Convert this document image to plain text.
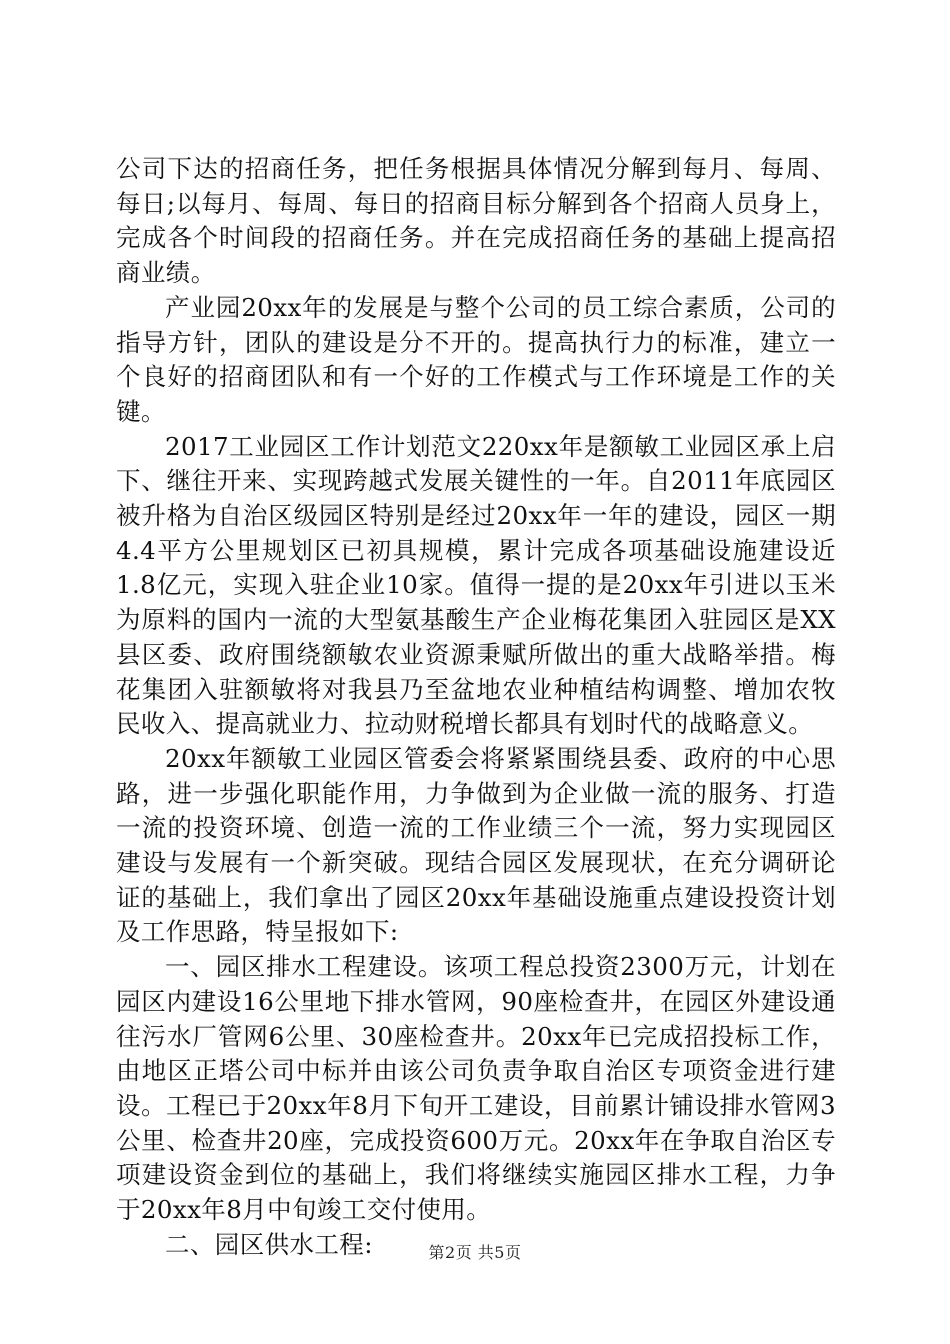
公司下达的招商任务，把任务根据具体情况分解到每月、每周、每日;以每月、每周、每日的招商目标分解到各个招商人员身上，完成各个时间段的招商任务。并在完成招商任务的基础上提高招商业绩。

产业园20xx年的发展是与整个公司的员工综合素质，公司的指导方针，团队的建设是分不开的。提高执行力的标准，建立一个良好的招商团队和有一个好的工作模式与工作环境是工作的关键。

2017工业园区工作计划范文220xx年是额敏工业园区承上启下、继往开来、实现跨越式发展关键性的一年。自2011年底园区被升格为自治区级园区特别是经过20xx年一年的建设，园区一期4.4平方公里规划区已初具规模，累计完成各项基础设施建设近1.8亿元，实现入驻企业10家。值得一提的是20xx年引进以玉米为原料的国内一流的大型氨基酸生产企业梅花集团入驻园区是XX县区委、政府围绕额敏农业资源秉赋所做出的重大战略举措。梅花集团入驻额敏将对我县乃至盆地农业种植结构调整、增加农牧民收入、提高就业力、拉动财税增长都具有划时代的战略意义。

20xx年额敏工业园区管委会将紧紧围绕县委、政府的中心思路，进一步强化职能作用，力争做到为企业做一流的服务、打造一流的投资环境、创造一流的工作业绩三个一流，努力实现园区建设与发展有一个新突破。现结合园区发展现状，在充分调研论证的基础上，我们拿出了园区20xx年基础设施重点建设投资计划及工作思路，特呈报如下:

一、园区排水工程建设。该项工程总投资2300万元，计划在园区内建设16公里地下排水管网，90座检查井，在园区外建设通往污水厂管网6公里、30座检查井。20xx年已完成招投标工作，由地区正塔公司中标并由该公司负责争取自治区专项资金进行建设。工程已于20xx年8月下旬开工建设，目前累计铺设排水管网3公里、检查井20座，完成投资600万元。20xx年在争取自治区专项建设资金到位的基础上，我们将继续实施园区排水工程，力争于20xx年8月中旬竣工交付使用。

二、园区供水工程:	第2页 共5页
